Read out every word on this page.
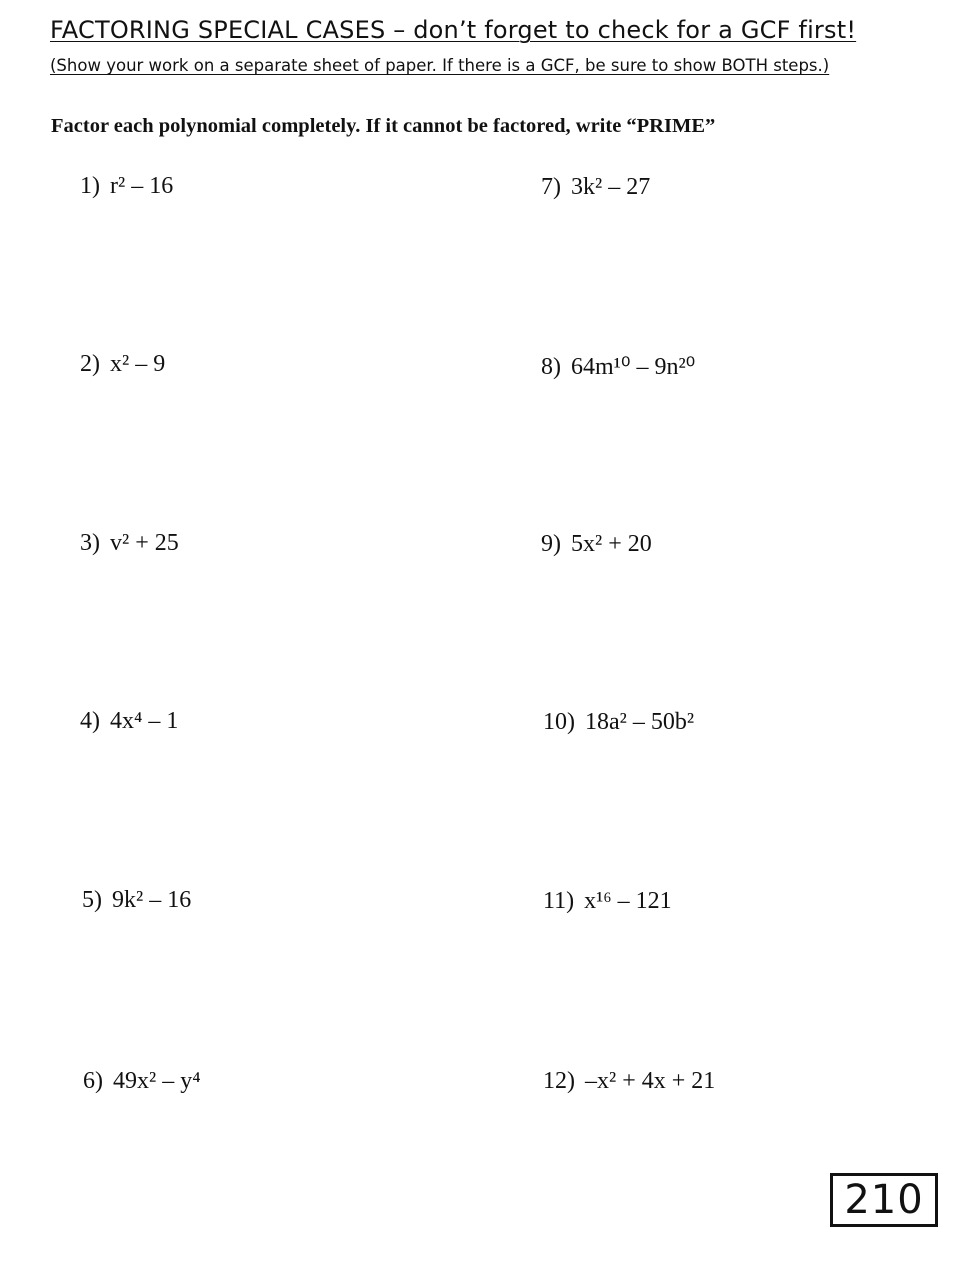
FACTORING SPECIAL CASES – don’t forget to check for a GCF first!
(Show your work on a separate sheet of paper. If there is a GCF, be sure to show BOTH steps.)
Factor each polynomial completely. If it cannot be factored, write “PRIME”
1) r² – 16
2) x² – 9
3) v² + 25
4) 4x⁴ – 1
5) 9k² – 16
6) 49x² – y⁴
7) 3k² – 27
8) 64m¹⁰ – 9n²⁰
9) 5x² + 20
10) 18a² – 50b²
11) x¹⁶ – 121
12) –x² + 4x + 21
210
